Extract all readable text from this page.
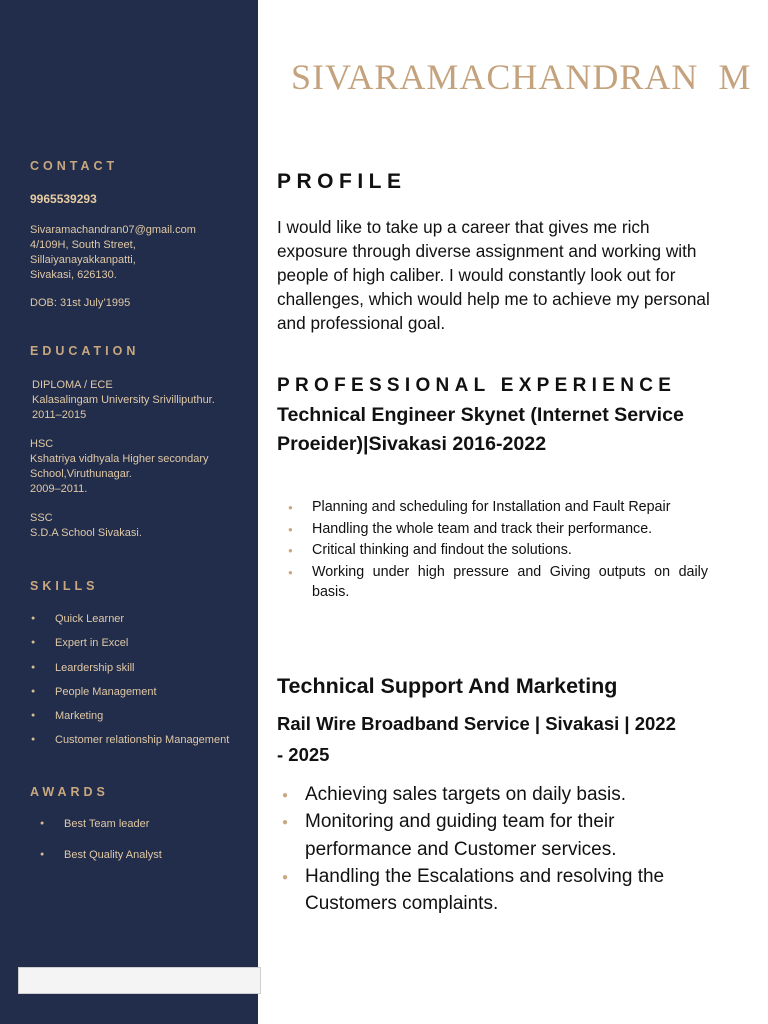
CONTACT
9965539293
Sivaramachandran07@gmail.com
4/109H, South Street,
Sillaiyanayakkanpatti,
Sivakasi, 626130.
DOB: 31st July’1995
EDUCATION
DIPLOMA / ECE
Kalasalingam University Srivilliputhur.
2011–2015
HSC
Kshatriya vidhyala Higher secondary
School,Viruthunagar.
2009–2011.
SSC
S.D.A School Sivakasi.
SKILLS
● Quick Learner
● Expert in Excel
● Leardership skill
● People Management
● Marketing
● Customer relationship Management
AWARDS
● Best Team leader
● Best Quality Analyst
SIVARAMACHANDRAN  M
PROFILE
I would like to take up a career that gives me rich exposure through diverse assignment and working with people of high caliber. I would constantly look out for challenges, which would help me to achieve my personal and professional goal.
PROFESSIONAL EXPERIENCE
Technical Engineer Skynet (Internet Service Proeider)|Sivakasi 2016-2022
● Planning and scheduling for Installation and Fault Repair
● Handling the whole team and track their performance.
● Critical thinking and findout the solutions.
● Working under high pressure and Giving outputs on daily basis.
Technical Support And Marketing
Rail Wire Broadband Service | Sivakasi | 2022 - 2025
● Achieving sales targets on daily basis.
● Monitoring and guiding team for their performance and Customer services.
● Handling the Escalations and resolving the Customers complaints.
